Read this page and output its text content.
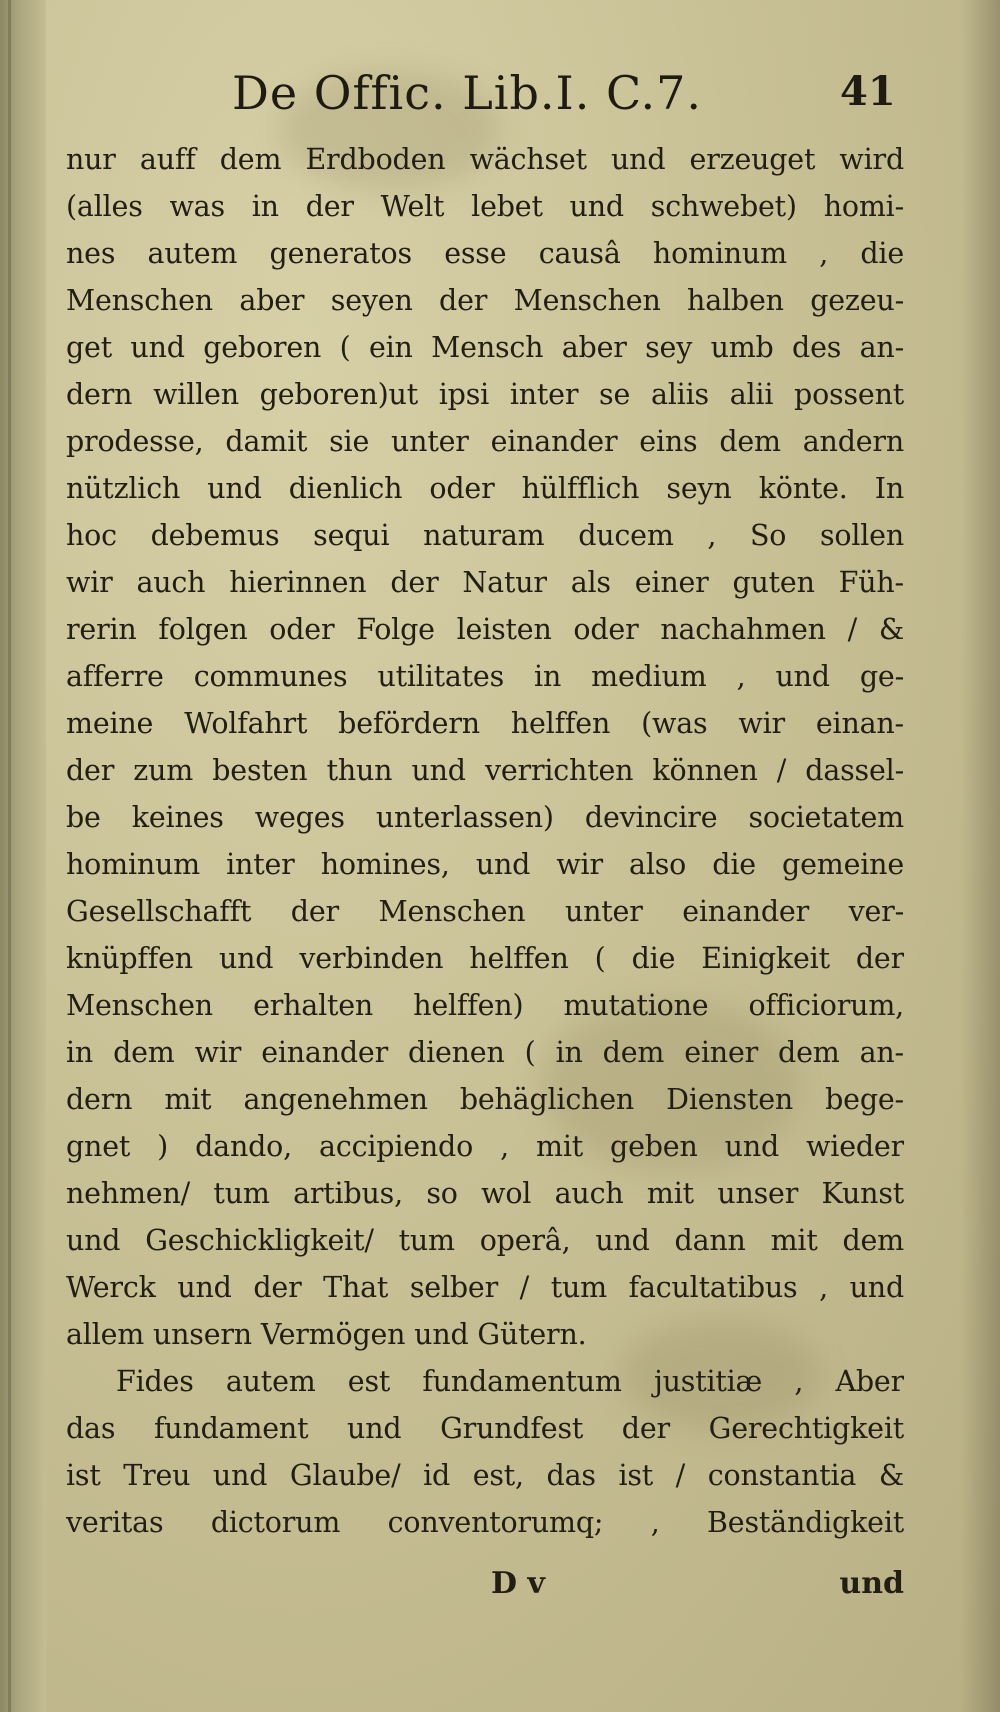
De Offic. Lib.I. C.7.	41
nur auff dem Erdboden wächset und erzeuget wird
(alles was in der Welt lebet und schwebet) homi-
nes autem generatos esse causâ hominum , die
Menschen aber seyen der Menschen halben gezeu-
get und geboren ( ein Mensch aber sey umb des an-
dern willen geboren)ut ipsi inter se aliis alii possent
prodesse, damit sie unter einander eins dem andern
nützlich und dienlich oder hülfflich seyn könte. In
hoc debemus sequi naturam ducem , So sollen
wir auch hierinnen der Natur als einer guten Füh-
rerin folgen oder Folge leisten oder nachahmen / &
afferre communes utilitates in medium , und ge-
meine Wolfahrt befördern helffen (was wir einan-
der zum besten thun und verrichten können / dassel-
be keines weges unterlassen) devincire societatem
hominum inter homines, und wir also die gemeine
Gesellschafft der Menschen unter einander ver-
knüpffen und verbinden helffen ( die Einigkeit der
Menschen erhalten helffen) mutatione officiorum,
in dem wir einander dienen ( in dem einer dem an-
dern mit angenehmen behäglichen Diensten bege-
gnet ) dando, accipiendo , mit geben und wieder
nehmen/ tum artibus, so wol auch mit unser Kunst
und Geschickligkeit/ tum operâ, und dann mit dem
Werck und der That selber / tum facultatibus , und
allem unsern Vermögen und Gütern.
Fides autem est fundamentum justitiæ , Aber
das fundament und Grundfest der Gerechtigkeit
ist Treu und Glaube/ id est, das ist / constantia &
veritas dictorum conventorumq; , Beständigkeit
D v	und
